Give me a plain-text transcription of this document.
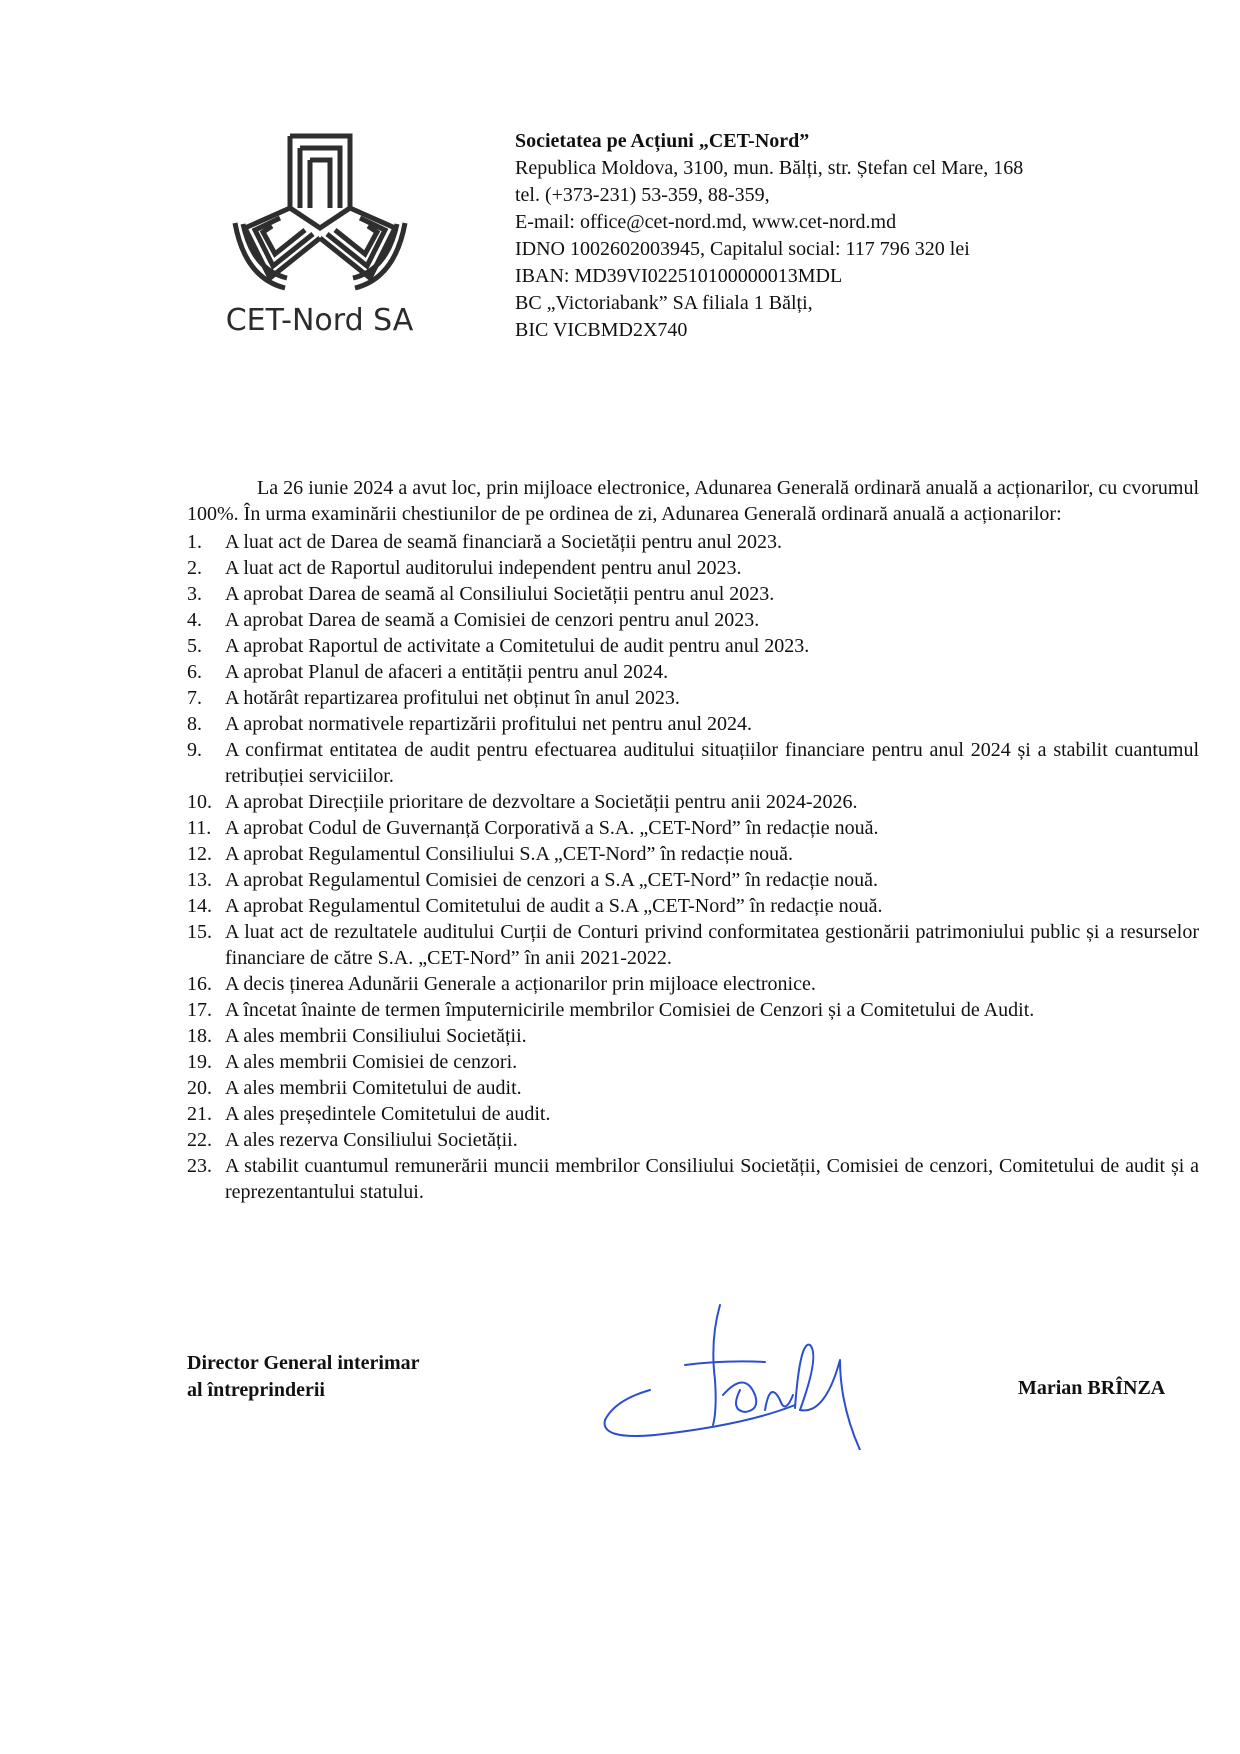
CET-Nord SA
Societatea pe Acțiuni „CET-Nord”
Republica Moldova, 3100, mun. Bălți, str. Ștefan cel Mare, 168
tel. (+373-231) 53-359, 88-359,
E-mail: office@cet-nord.md, www.cet-nord.md
IDNO 1002602003945, Capitalul social: 117 796 320 lei
IBAN: MD39VI022510100000013MDL
BC „Victoriabank” SA filiala 1 Bălți,
BIC VICBMD2X740

La 26 iunie 2024 a avut loc, prin mijloace electronice, Adunarea Generală ordinară anuală a acționarilor, cu cvorumul 100%. În urma examinării chestiunilor de pe ordinea de zi, Adunarea Generală ordinară anuală a acționarilor:

1.	A luat act de Darea de seamă financiară a Societății pentru anul 2023.
2.	A luat act de Raportul auditorului independent pentru anul 2023.
3.	A aprobat Darea de seamă al Consiliului Societății pentru anul 2023.
4.	A aprobat Darea de seamă a Comisiei de cenzori pentru anul 2023.
5.	A aprobat Raportul de activitate a Comitetului de audit pentru anul 2023.
6.	A aprobat Planul de afaceri a entității pentru anul 2024.
7.	A hotărât repartizarea profitului net obținut în anul 2023.
8.	A aprobat normativele repartizării profitului net pentru anul 2024.
9.	A confirmat entitatea de audit pentru efectuarea auditului situațiilor financiare pentru anul 2024 și a stabilit cuantumul retribuției serviciilor.
10. A aprobat Direcțiile prioritare de dezvoltare a Societății pentru anii 2024-2026.
11. A aprobat Codul de Guvernanță Corporativă a S.A. „CET-Nord” în redacție nouă.
12. A aprobat Regulamentul Consiliului S.A „CET-Nord” în redacție nouă.
13. A aprobat Regulamentul Comisiei de cenzori a S.A „CET-Nord” în redacție nouă.
14. A aprobat Regulamentul Comitetului de audit a S.A „CET-Nord” în redacție nouă.
15. A luat act de rezultatele auditului Curții de Conturi privind conformitatea gestionării patrimoniului public și a resurselor financiare de către S.A. „CET-Nord” în anii 2021-2022.
16. A decis ținerea Adunării Generale a acționarilor prin mijloace electronice.
17. A încetat înainte de termen împuternicirile membrilor Comisiei de Cenzori și a Comitetului de Audit.
18. A ales membrii Consiliului Societății.
19. A ales membrii Comisiei de cenzori.
20. A ales membrii Comitetului de audit.
21. A ales președintele Comitetului de audit.
22. A ales rezerva Consiliului Societății.
23. A stabilit cuantumul remunerării muncii membrilor Consiliului Societății, Comisiei de cenzori, Comitetului de audit și a reprezentantului statului.
Director General interimar
al întreprinderii	Marian BRÎNZA
